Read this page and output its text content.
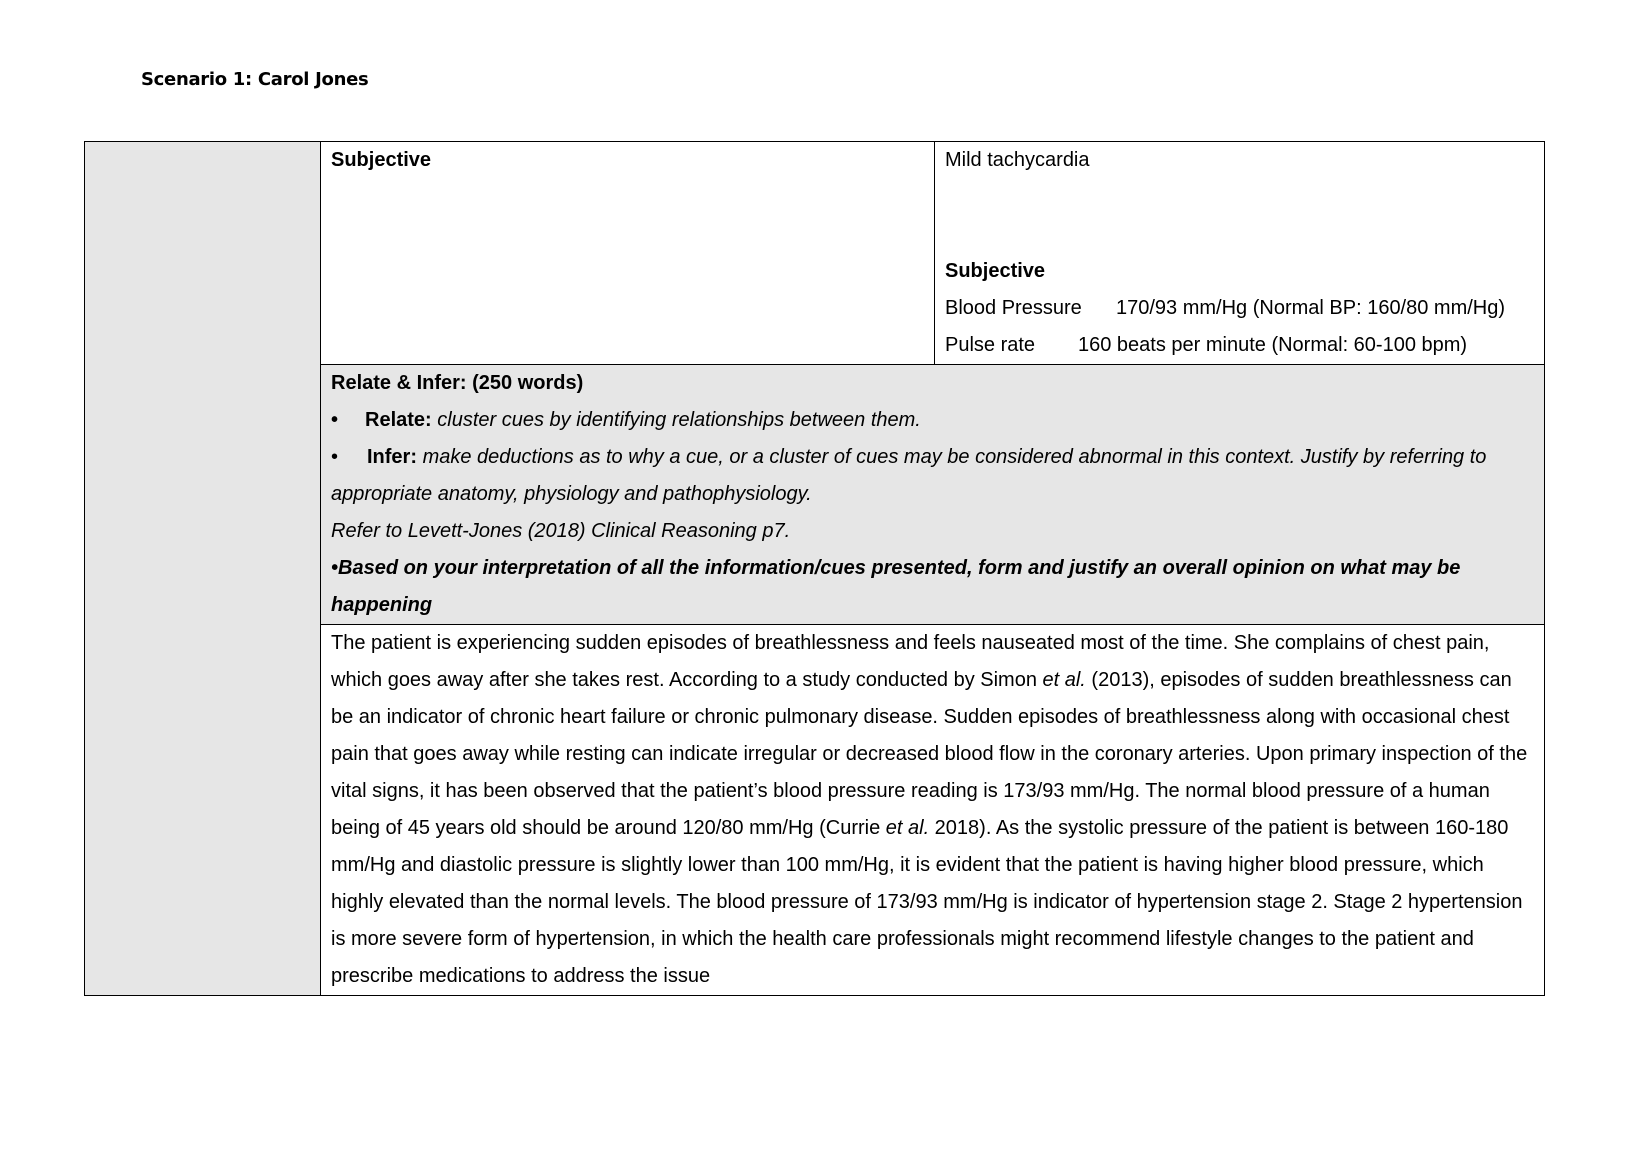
Scenario 1: Carol Jones
	Subjective	Mild tachycardia
Subjective
Blood Pressure 170/93 mm/Hg (Normal BP: 160/80 mm/Hg)
Pulse rate 160 beats per minute (Normal: 60-100 bpm)

Relate & Infer: (250 words)
• Relate: cluster cues by identifying relationships between them.
• Infer: make deductions as to why a cue, or a cluster of cues may be considered abnormal in this context. Justify by referring to appropriate anatomy, physiology and pathophysiology.
Refer to Levett-Jones (2018) Clinical Reasoning p7.
•Based on your interpretation of all the information/cues presented, form and justify an overall opinion on what may be happening

The patient is experiencing sudden episodes of breathlessness and feels nauseated most of the time. She complains of chest pain, which goes away after she takes rest. According to a study conducted by Simon et al. (2013), episodes of sudden breathlessness can be an indicator of chronic heart failure or chronic pulmonary disease. Sudden episodes of breathlessness along with occasional chest pain that goes away while resting can indicate irregular or decreased blood flow in the coronary arteries. Upon primary inspection of the vital signs, it has been observed that the patient’s blood pressure reading is 173/93 mm/Hg. The normal blood pressure of a human being of 45 years old should be around 120/80 mm/Hg (Currie et al. 2018). As the systolic pressure of the patient is between 160-180 mm/Hg and diastolic pressure is slightly lower than 100 mm/Hg, it is evident that the patient is having higher blood pressure, which highly elevated than the normal levels. The blood pressure of 173/93 mm/Hg is indicator of hypertension stage 2. Stage 2 hypertension is more severe form of hypertension, in which the health care professionals might recommend lifestyle changes to the patient and prescribe medications to address the issue
